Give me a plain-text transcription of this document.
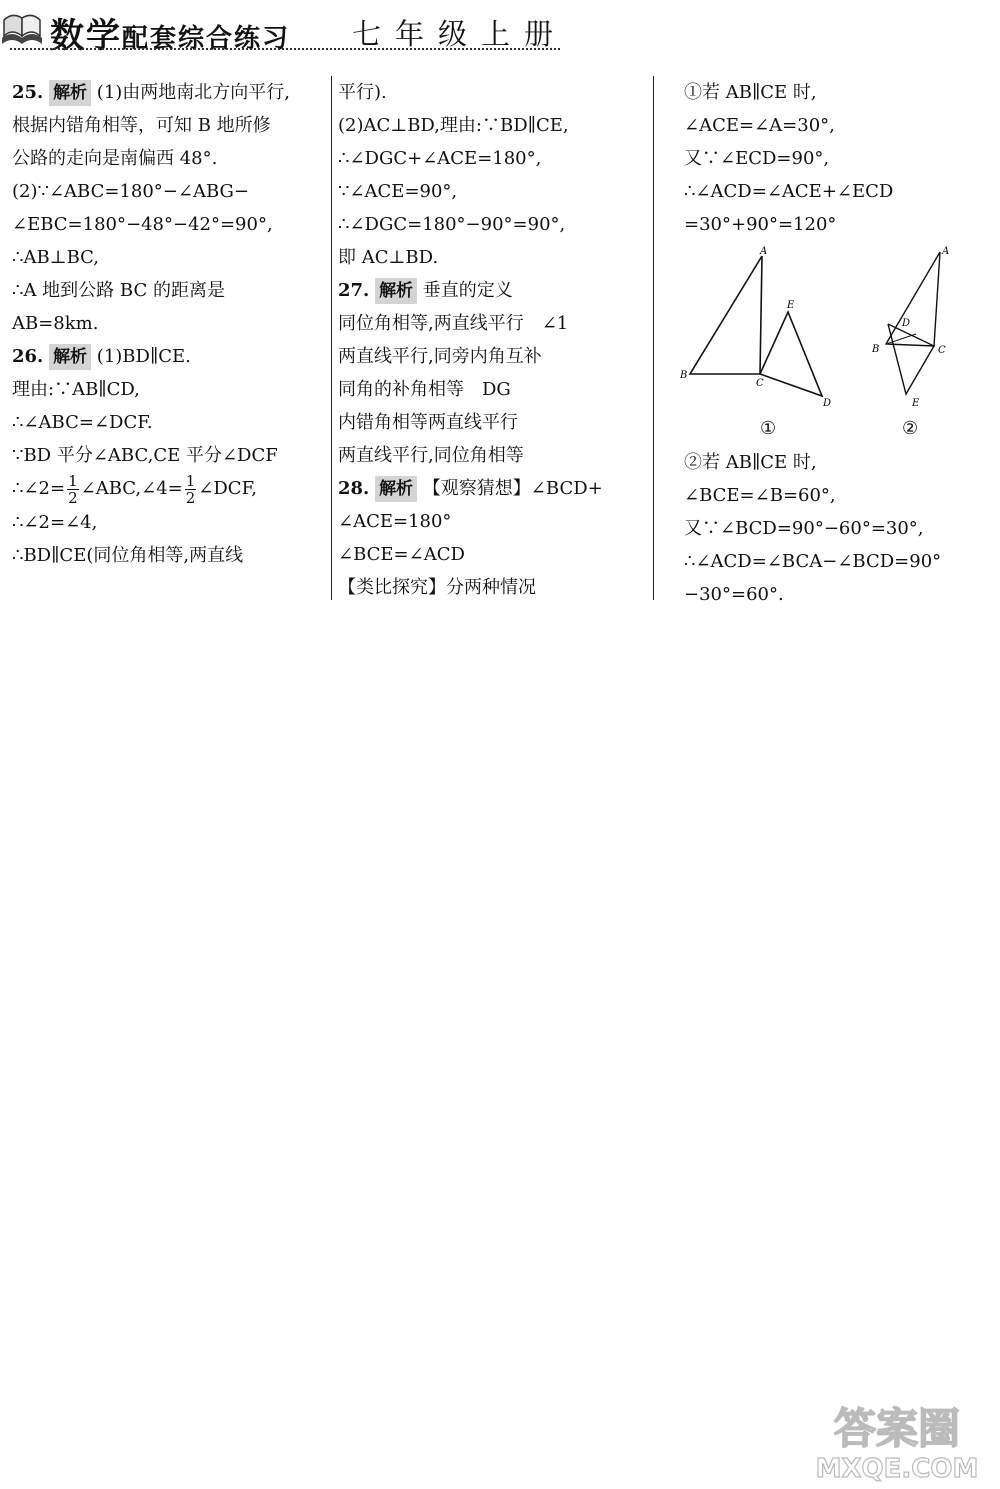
数学配套综合练习 七年级上册

25. 解析 (1)由两地南北方向平行,

根据内错角相等，可知 B 地所修

公路的走向是南偏西 48°.

(2)∵∠ABC=180°−∠ABG−

∠EBC=180°−48°−42°=90°,

∴AB⊥BC,

∴A 地到公路 BC 的距离是

AB=8km.

26. 解析 (1)BD∥CE.

理由:∵AB∥CD,

∴∠ABC=∠DCF.

∵BD 平分∠ABC,CE 平分∠DCF

∴∠2= $\frac{1}{2}$ ∠ABC,∠4= $\frac{1}{2}$ ∠DCF,

∴∠2=∠4,

∴BD∥CE(同位角相等,两直线

平行).

(2)AC⊥BD,理由:∵BD∥CE,

∴∠DGC+∠ACE=180°,

∵∠ACE=90°,

∴∠DGC=180°−90°=90°,

即 AC⊥BD.

27. 解析 垂直的定义

同位角相等,两直线平行　∠1

两直线平行,同旁内角互补

同角的补角相等　DG

内错角相等两直线平行

两直线平行,同位角相等

28. 解析 【观察猜想】∠BCD+

∠ACE=180°

∠BCE=∠ACD

【类比探究】分两种情况

①若 AB∥CE 时,

∠ACE=∠A=30°,

又∵∠ECD=90°,

∴∠ACD=∠ACE+∠ECD

=30°+90°=120°

A
B
C
D
E
①
A
B	C
D
E
②

②若 AB∥CE 时,

∠BCE=∠B=60°,

又∵∠BCD=90°−60°=30°,

∴∠ACD=∠BCA−∠BCD=90°

−30°=60°.

答案圈
MXQE.COM
